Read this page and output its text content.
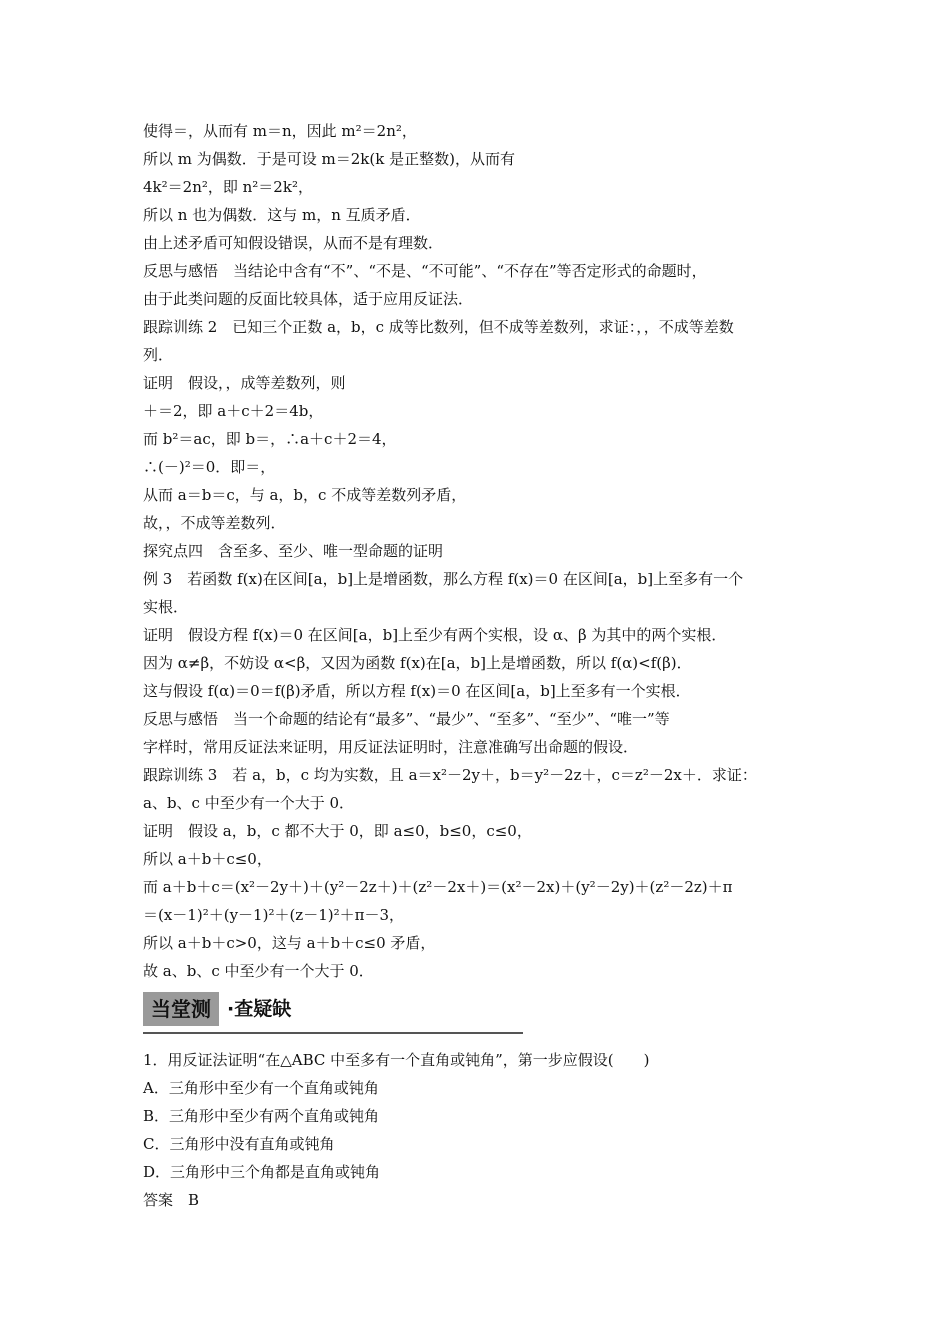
使得＝，从而有 m＝n，因此 m²＝2n²，
所以 m 为偶数．于是可设 m＝2k(k 是正整数)，从而有
4k²＝2n²，即 n²＝2k²，
所以 n 也为偶数．这与 m，n 互质矛盾．
由上述矛盾可知假设错误，从而不是有理数．
反思与感悟　当结论中含有“不”、“不是、“不可能”、“不存在”等否定形式的命题时，
由于此类问题的反面比较具体，适于应用反证法．
跟踪训练 2　已知三个正数 a，b，c 成等比数列，但不成等差数列，求证：，，不成等差数
列．
证明　假设，，成等差数列，则
＋＝2，即 a＋c＋2＝4b，
而 b²＝ac，即 b＝，∴a＋c＋2＝4，
∴(－)²＝0．即＝，
从而 a＝b＝c，与 a，b，c 不成等差数列矛盾，
故，，不成等差数列．
探究点四　含至多、至少、唯一型命题的证明
例 3　若函数 f(x)在区间[a，b]上是增函数，那么方程 f(x)＝0 在区间[a，b]上至多有一个
实根．
证明　假设方程 f(x)＝0 在区间[a，b]上至少有两个实根，设 α、β 为其中的两个实根．
因为 α≠β，不妨设 α<β，又因为函数 f(x)在[a，b]上是增函数，所以 f(α)<f(β)．
这与假设 f(α)＝0＝f(β)矛盾，所以方程 f(x)＝0 在区间[a，b]上至多有一个实根．
反思与感悟　当一个命题的结论有“最多”、“最少”、“至多”、“至少”、“唯一”等
字样时，常用反证法来证明，用反证法证明时，注意准确写出命题的假设．
跟踪训练 3　若 a，b，c 均为实数，且 a＝x²－2y＋，b＝y²－2z＋，c＝z²－2x＋．求证：
a、b、c 中至少有一个大于 0．
证明　假设 a，b，c 都不大于 0，即 a≤0，b≤0，c≤0，
所以 a＋b＋c≤0，
而 a＋b＋c＝(x²－2y＋)＋(y²－2z＋)＋(z²－2x＋)＝(x²－2x)＋(y²－2y)＋(z²－2z)＋π
＝(x－1)²＋(y－1)²＋(z－1)²＋π－3，
所以 a＋b＋c>0，这与 a＋b＋c≤0 矛盾，
故 a、b、c 中至少有一个大于 0．
当堂测 ·查疑缺
1．用反证法证明“在△ABC 中至多有一个直角或钝角”，第一步应假设(　　)
A．三角形中至少有一个直角或钝角
B．三角形中至少有两个直角或钝角
C．三角形中没有直角或钝角
D．三角形中三个角都是直角或钝角
答案　B
